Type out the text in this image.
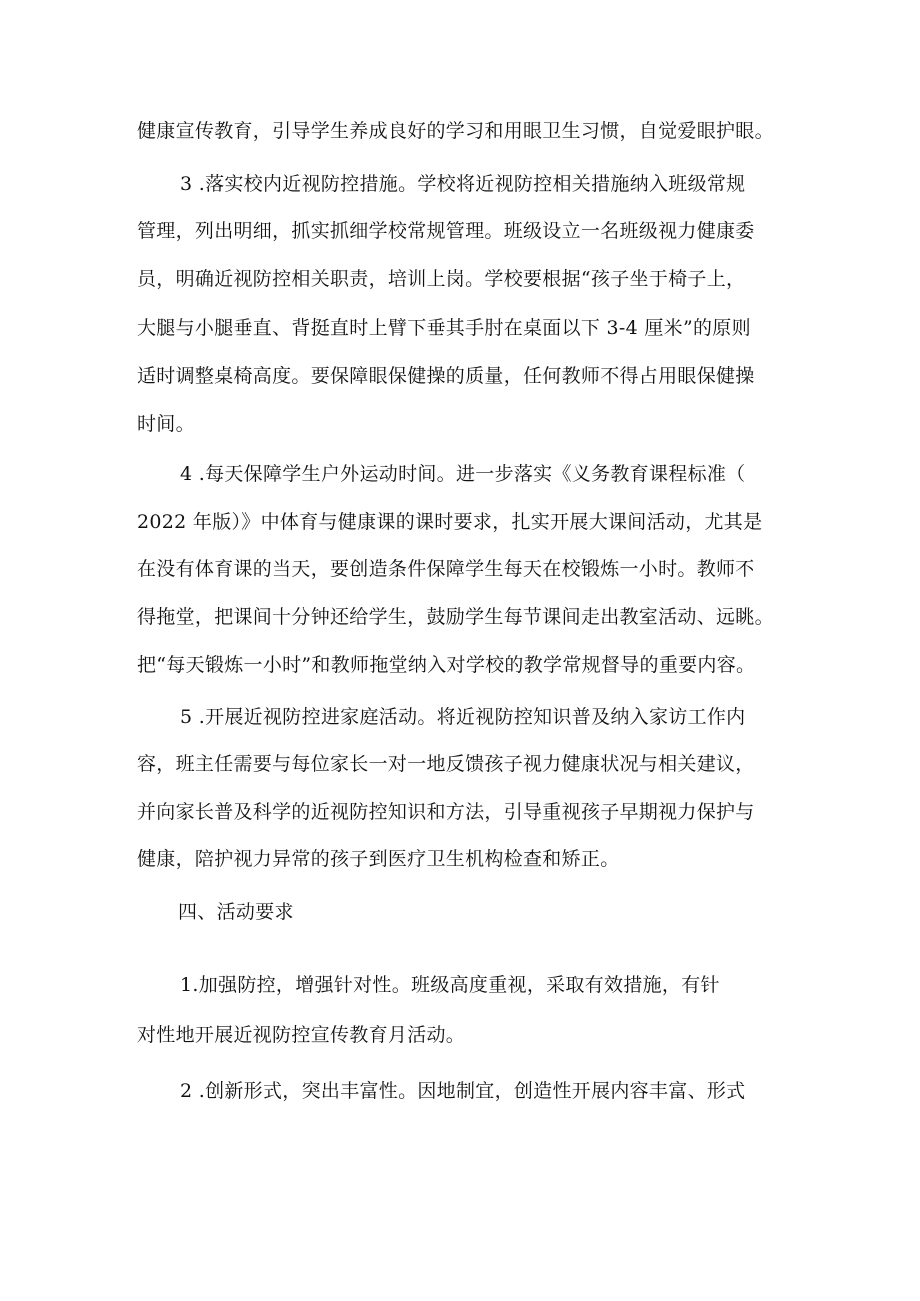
健康宣传教育，引导学生养成良好的学习和用眼卫生习惯，自觉爱眼护眼。
3 .落实校内近视防控措施。学校将近视防控相关措施纳入班级常规
管理，列出明细，抓实抓细学校常规管理。班级设立一名班级视力健康委
员，明确近视防控相关职责，培训上岗。学校要根据“孩子坐于椅子上，
大腿与小腿垂直、背挺直时上臂下垂其手肘在桌面以下 3-4 厘米”的原则
适时调整桌椅高度。要保障眼保健操的质量，任何教师不得占用眼保健操
时间。
4 .每天保障学生户外运动时间。进一步落实《义务教育课程标准（
2022 年版）》中体育与健康课的课时要求，扎实开展大课间活动，尤其是
在没有体育课的当天，要创造条件保障学生每天在校锻炼一小时。教师不
得拖堂，把课间十分钟还给学生，鼓励学生每节课间走出教室活动、远眺。
把“每天锻炼一小时”和教师拖堂纳入对学校的教学常规督导的重要内容。
5 .开展近视防控进家庭活动。将近视防控知识普及纳入家访工作内
容，班主任需要与每位家长一对一地反馈孩子视力健康状况与相关建议，
并向家长普及科学的近视防控知识和方法，引导重视孩子早期视力保护与
健康，陪护视力异常的孩子到医疗卫生机构检查和矫正。
四、活动要求
1.加强防控，增强针对性。班级高度重视，采取有效措施，有针
对性地开展近视防控宣传教育月活动。
2 .创新形式，突出丰富性。因地制宜，创造性开展内容丰富、形式
